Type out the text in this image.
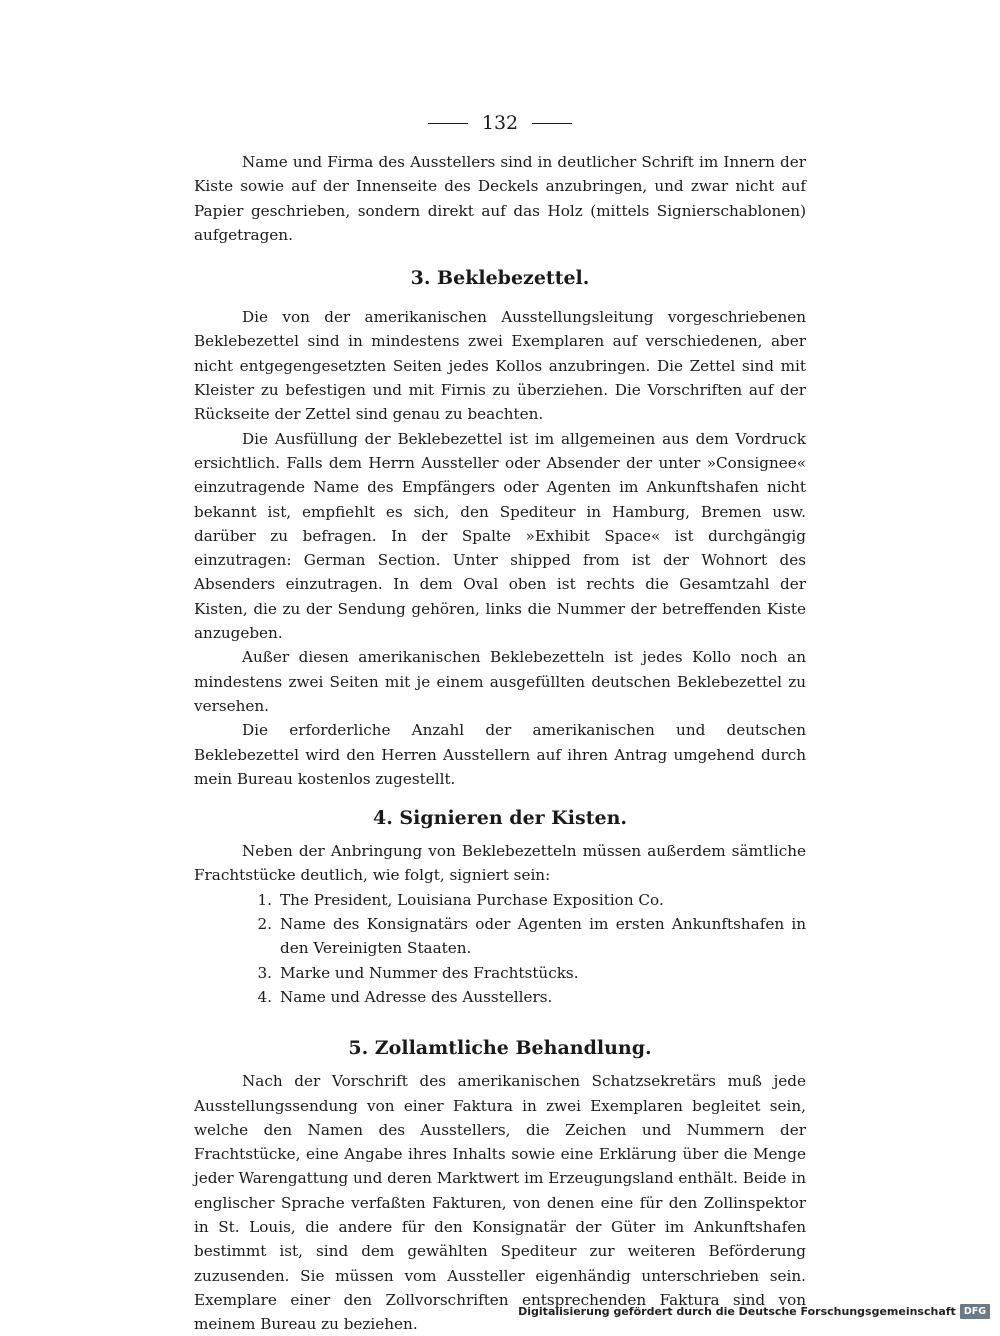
132

Name und Firma des Ausstellers sind in deutlicher Schrift im Innern der Kiste sowie auf der Innenseite des Deckels anzubringen, und zwar nicht auf Papier geschrieben, sondern direkt auf das Holz (mittels Signierschablonen) aufgetragen.

3. Beklebezettel.

Die von der amerikanischen Ausstellungsleitung vorgeschriebenen Beklebezettel sind in mindestens zwei Exemplaren auf verschiedenen, aber nicht entgegengesetzten Seiten jedes Kollos anzubringen. Die Zettel sind mit Kleister zu befestigen und mit Firnis zu überziehen. Die Vorschriften auf der Rückseite der Zettel sind genau zu beachten.

Die Ausfüllung der Beklebezettel ist im allgemeinen aus dem Vordruck ersichtlich. Falls dem Herrn Aussteller oder Absender der unter »Consignee« einzutragende Name des Empfängers oder Agenten im Ankunftshafen nicht bekannt ist, empfiehlt es sich, den Spediteur in Hamburg, Bremen usw. darüber zu befragen. In der Spalte »Exhibit Space« ist durchgängig einzutragen: German Section. Unter shipped from ist der Wohnort des Absenders einzutragen. In dem Oval oben ist rechts die Gesamtzahl der Kisten, die zu der Sendung gehören, links die Nummer der betreffenden Kiste anzugeben.

Außer diesen amerikanischen Beklebezetteln ist jedes Kollo noch an mindestens zwei Seiten mit je einem ausgefüllten deutschen Beklebezettel zu versehen.

Die erforderliche Anzahl der amerikanischen und deutschen Beklebezettel wird den Herren Ausstellern auf ihren Antrag umgehend durch mein Bureau kostenlos zugestellt.

4. Signieren der Kisten.

Neben der Anbringung von Beklebezetteln müssen außerdem sämtliche Frachtstücke deutlich, wie folgt, signiert sein:

1. The President, Louisiana Purchase Exposition Co.
2. Name des Konsignatärs oder Agenten im ersten Ankunftshafen in den Vereinigten Staaten.
3. Marke und Nummer des Frachtstücks.
4. Name und Adresse des Ausstellers.
5. Zollamtliche Behandlung.

Nach der Vorschrift des amerikanischen Schatzsekretärs muß jede Ausstellungssendung von einer Faktura in zwei Exemplaren begleitet sein, welche den Namen des Ausstellers, die Zeichen und Nummern der Frachtstücke, eine Angabe ihres Inhalts sowie eine Erklärung über die Menge jeder Warengattung und deren Marktwert im Erzeugungsland enthält. Beide in englischer Sprache verfaßten Fakturen, von denen eine für den Zollinspektor in St. Louis, die andere für den Konsignatär der Güter im Ankunftshafen bestimmt ist, sind dem gewählten Spediteur zur weiteren Beförderung zuzusenden. Sie müssen vom Aussteller eigenhändig unterschrieben sein. Exemplare einer den Zollvorschriften entsprechenden Faktura sind von meinem Bureau zu beziehen.

Digitalisierung gefördert durch die Deutsche Forschungsgemeinschaft DFG
